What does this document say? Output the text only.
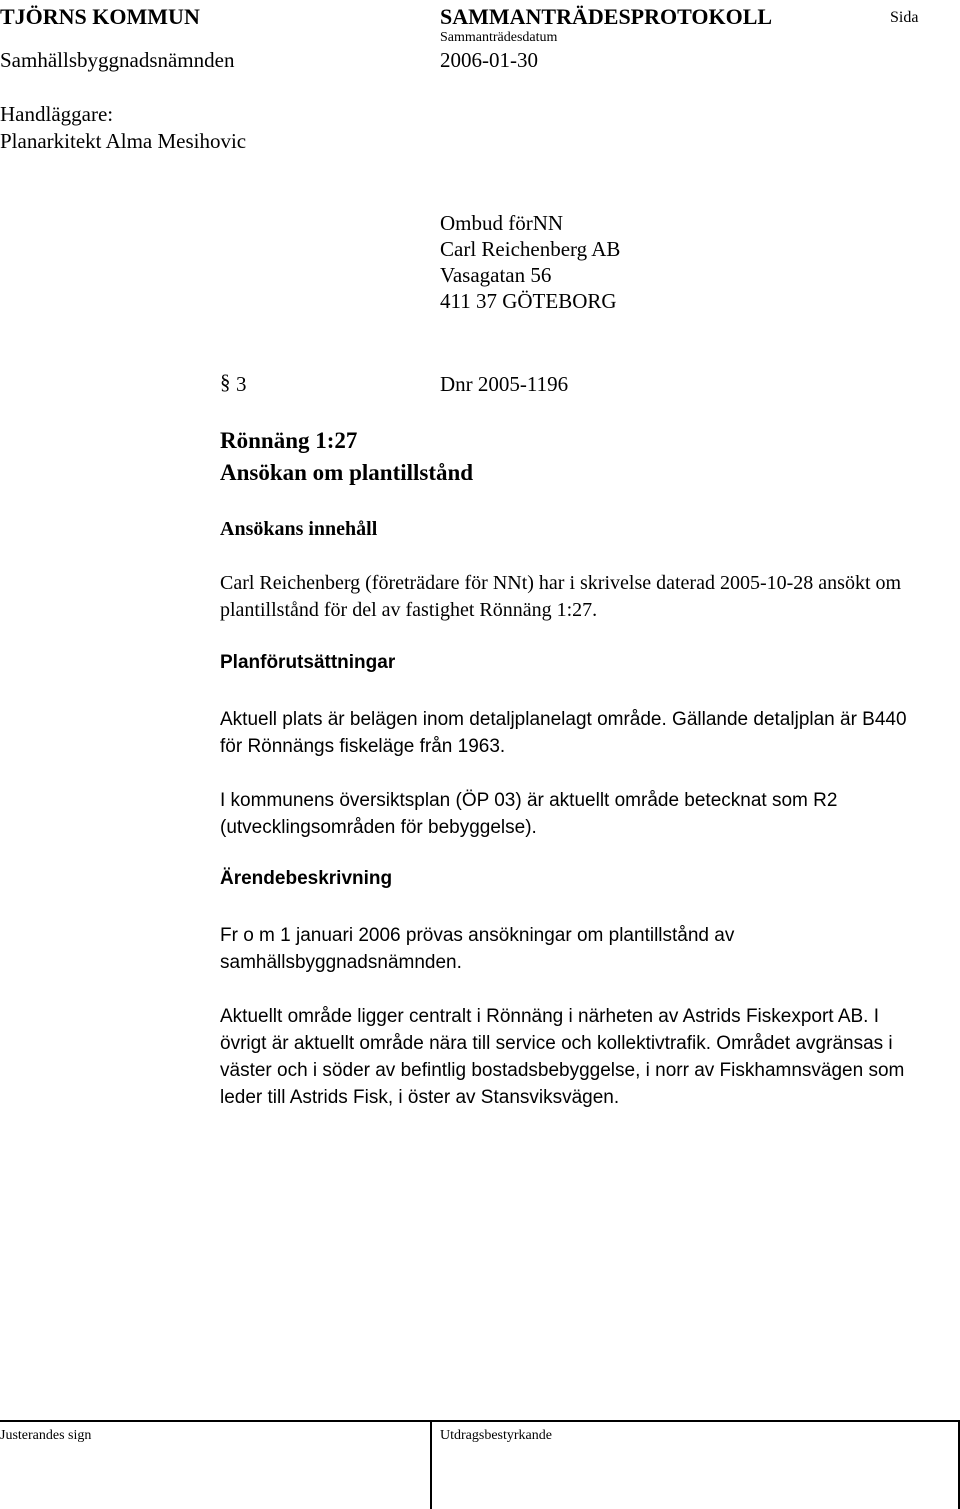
TJÖRNS KOMMUN	SAMMANTRÄDESPROTOKOLL	Sida
Sammanträdesdatum
Samhällsbyggnadsnämnden	2006-01-30
Handläggare:
Planarkitekt Alma Mesihovic
Ombud förNN
Carl Reichenberg AB
Vasagatan 56
411 37 GÖTEBORG
§ 3	Dnr 2005-1196
Rönnäng 1:27
Ansökan om plantillstånd
Ansökans innehåll
Carl Reichenberg (företrädare för NNt) har i skrivelse daterad 2005-10-28 ansökt om plantillstånd för del av fastighet Rönnäng 1:27.
Planförutsättningar
Aktuell plats är belägen inom detaljplanelagt område. Gällande detaljplan är B440 för Rönnängs fiskeläge från 1963.
I kommunens översiktsplan (ÖP 03) är aktuellt område betecknat som R2 (utvecklingsområden för bebyggelse).
Ärendebeskrivning
Fr o m 1 januari 2006 prövas ansökningar om plantillstånd av samhällsbyggnadsnämnden.
Aktuellt område ligger centralt i Rönnäng i närheten av Astrids Fiskexport AB. I övrigt är aktuellt område nära till service och kollektivtrafik. Området avgränsas i väster och i söder av befintlig bostadsbebyggelse, i norr av Fiskhamnsvägen som leder till Astrids Fisk, i öster av Stansviksvägen.
Justerandes sign	Utdragsbestyrkande
